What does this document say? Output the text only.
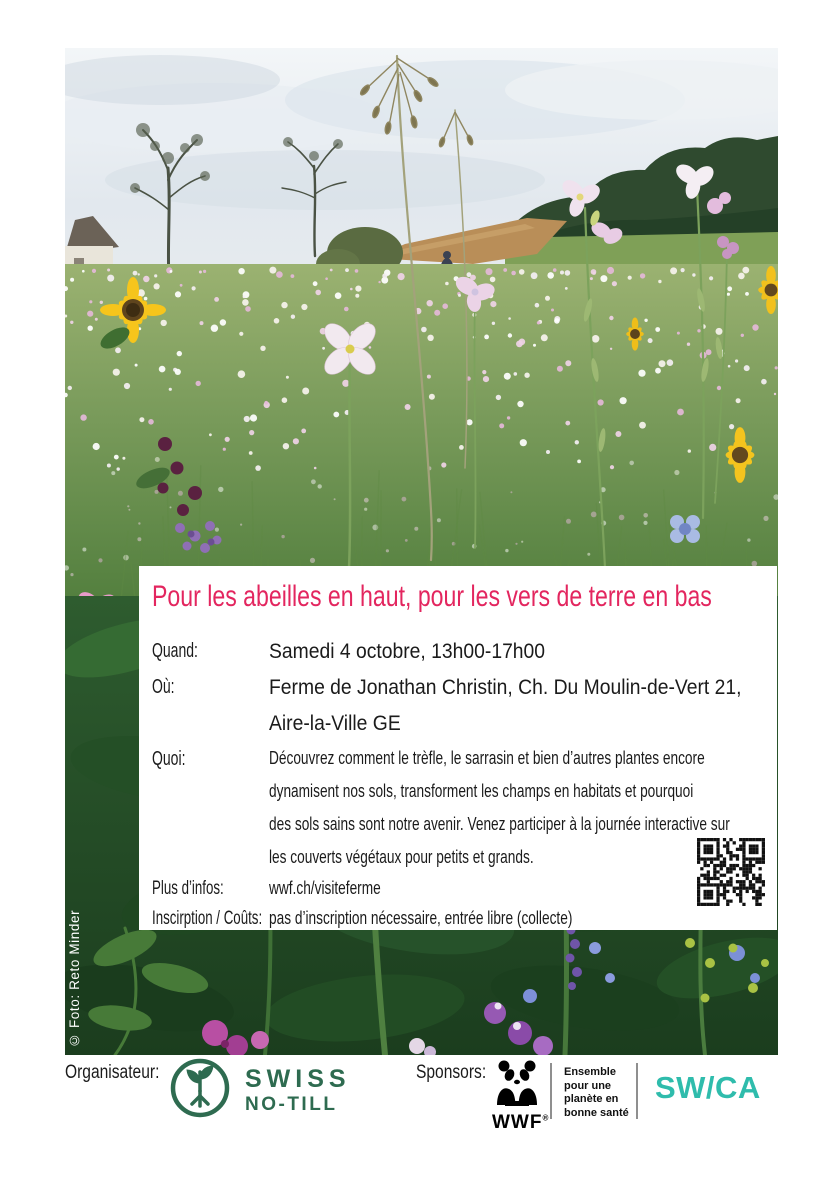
© Foto: Reto Minder
Pour les abeilles en haut, pour les vers de terre en bas
Quand:	Samedi 4 octobre, 13h00-17h00
Où:	Ferme de Jonathan Christin, Ch. Du Moulin-de-Vert 21,
Aire-la-Ville GE
Quoi:	Découvrez comment le trèfle, le sarrasin et bien d’autres plantes encore
dynamisent nos sols, transforment les champs en habitats et pourquoi
des sols sains sont notre avenir. Venez participer à la journée interactive sur
les couverts végétaux pour petits et grands.
Plus d’infos:	wwf.ch/visiteferme
Inscirption / Coûts: pas d’inscription nécessaire, entrée libre (collecte)
Organisateur:	SWISS
NO-TILL
Sponsors:
WWF®
Ensemble
pour une
planète en
bonne santé
SW/CA
